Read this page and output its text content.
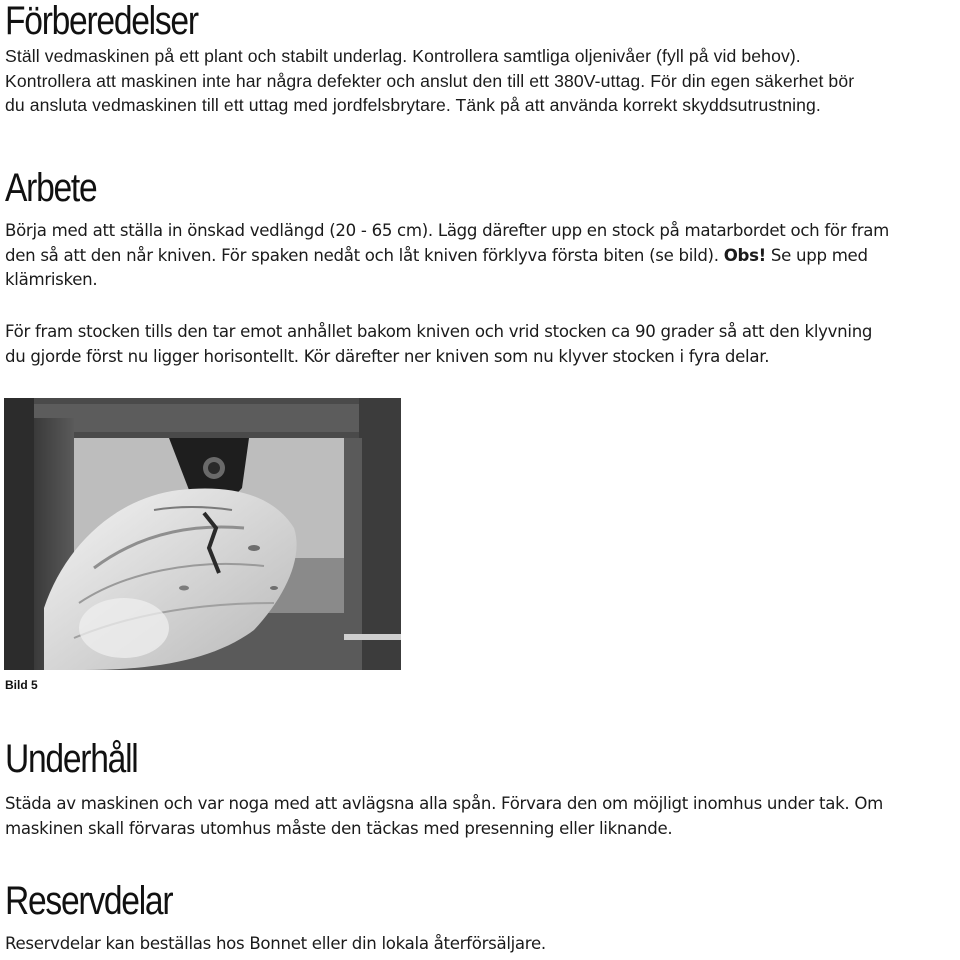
Förberedelser

Ställ vedmaskinen på ett plant och stabilt underlag. Kontrollera samtliga oljenivåer (fyll på vid behov).
Kontrollera att maskinen inte har några defekter och anslut den till ett 380V-uttag. För din egen säkerhet bör
du ansluta vedmaskinen till ett uttag med jordfelsbrytare. Tänk på att använda korrekt skyddsutrustning.

Arbete

Börja med att ställa in önskad vedlängd (20 - 65 cm). Lägg därefter upp en stock på matarbordet och för fram
den så att den når kniven. För spaken nedåt och låt kniven förklyva första biten (se bild). Obs! Se upp med
klämrisken.

För fram stocken tills den tar emot anhållet bakom kniven och vrid stocken ca 90 grader så att den klyvning
du gjorde först nu ligger horisontellt. Kör därefter ner kniven som nu klyver stocken i fyra delar.

Bild 5
Underhåll

Städa av maskinen och var noga med att avlägsna alla spån. Förvara den om möjligt inomhus under tak. Om
maskinen skall förvaras utomhus måste den täckas med presenning eller liknande.

Reservdelar

Reservdelar kan beställas hos Bonnet eller din lokala återförsäljare.
